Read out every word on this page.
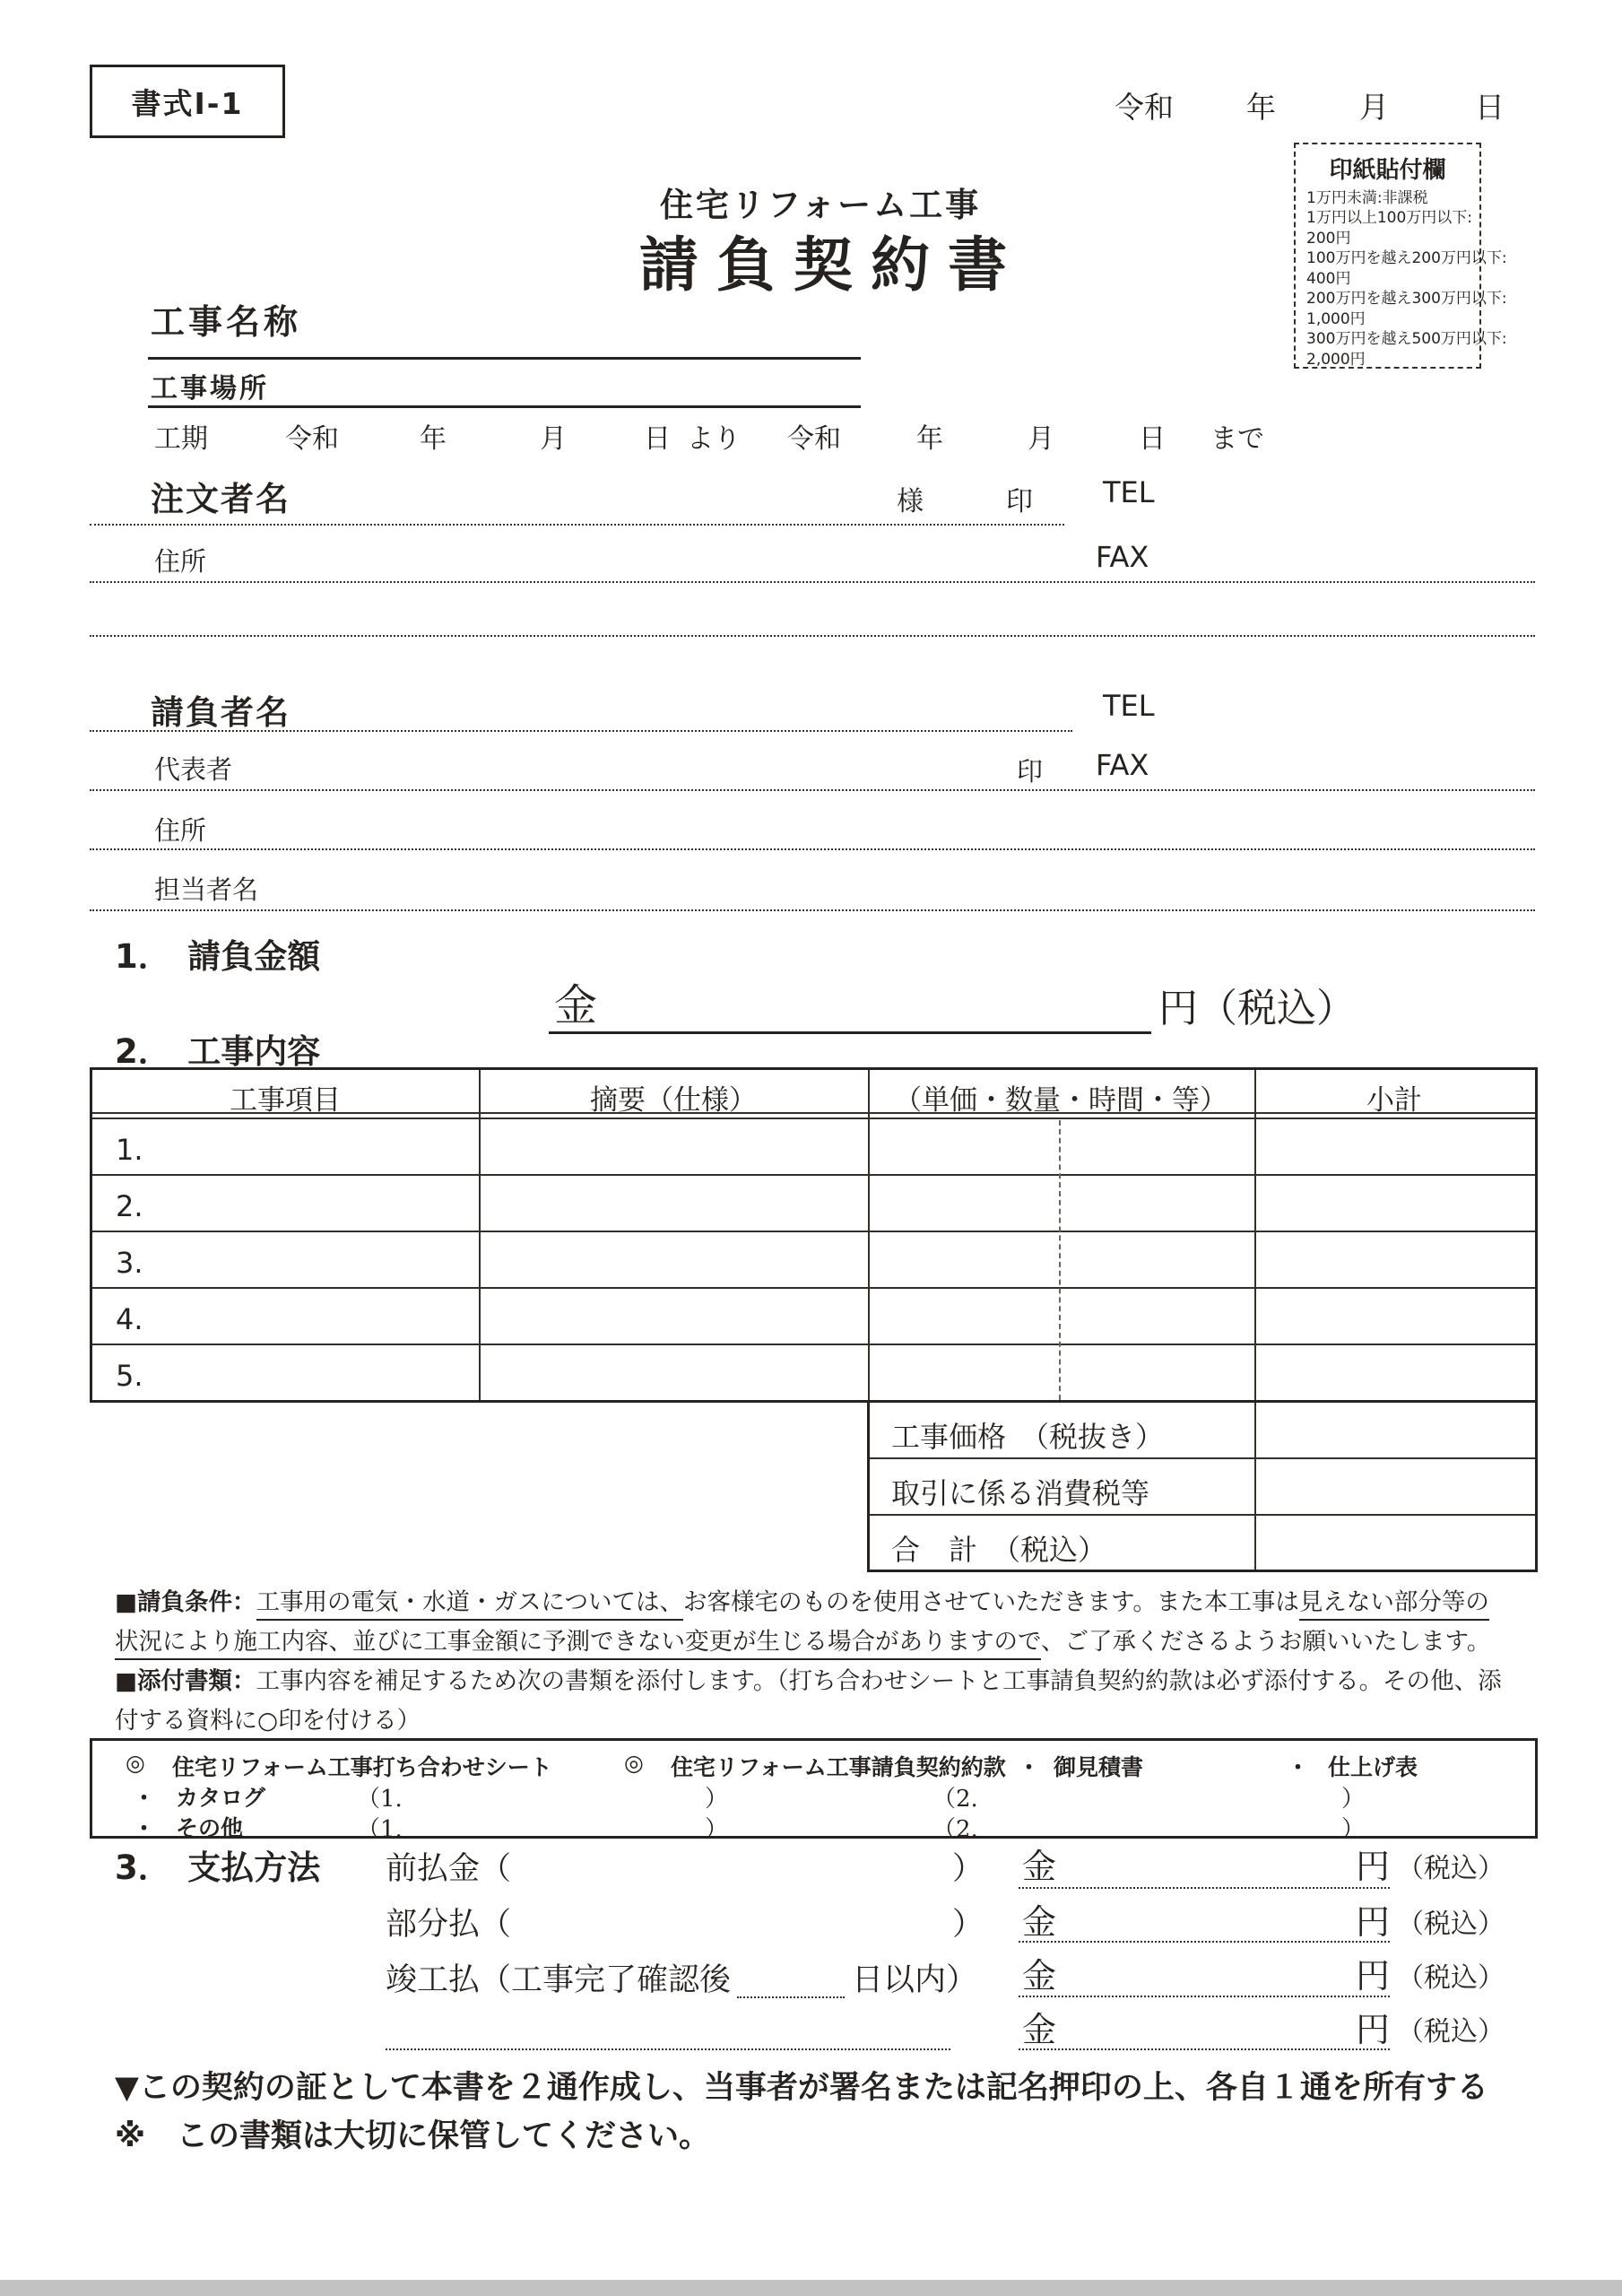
書式Ⅰ-1	令和 年	月	日
住宅リフォーム工事
請負契約書
印紙貼付欄
1万円未満:非課税
1万円以上100万円以下:
200円
100万円を越え200万円以下:
400円
200万円を越え300万円以下:
1,000円
300万円を越え500万円以下:
2,000円
工事名称
工事場所
工期	令和	年	月	日 より 令和	年	月	日 まで
注文者名	様	印 TEL
住所	FAX
請負者名	TEL
代表者	印 FAX
住所
担当者名
1．　請負金額
金	円（税込）
2．　工事内容
工事項目	摘要（仕様）	（単価・数量・時間・等）	小計
1.
2.
3.
4.
5.
工事価格　（税抜き）
取引に係る消費税等
合　計　（税込）
■請負条件：工事用の電気・水道・ガスについては、お客様宅のものを使用させていただきます。また本工事は見えない部分等の
状況により施工内容、並びに工事金額に予測できない変更が生じる場合がありますので、ご了承くださるようお願いいたします。
■添付書類：工事内容を補足するため次の書類を添付します。（打ち合わせシートと工事請負契約約款は必ず添付する。その他、添
付する資料に○印を付ける）
◎ 住宅リフォーム工事打ち合わせシート	◎ 住宅リフォーム工事請負契約約款 ・ 御見積書	・ 仕上げ表
・ カタログ	（1.	）	（2.	）
・ その他	（1.	）	（2.	）
3．　支払方法 前払金（	） 金	円 （税込）
部分払（	） 金	円 （税込）
竣工払（工事完了確認後	日以内） 金	円 （税込）
金	円 （税込）
▼この契約の証として本書を２通作成し、当事者が署名または記名押印の上、各自１通を所有する
※　この書類は大切に保管してください。
